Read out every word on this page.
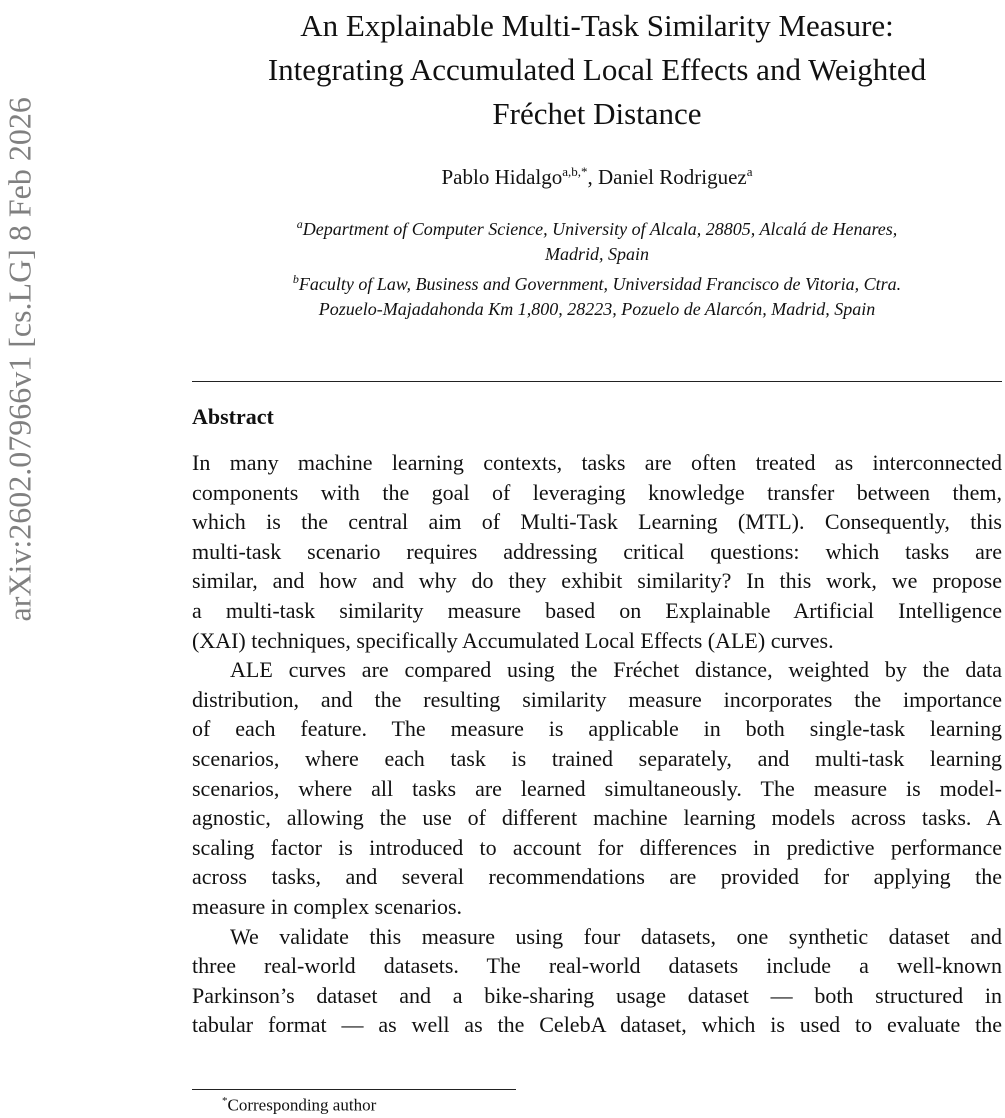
arXiv:2602.07966v1 [cs.LG] 8 Feb 2026
An Explainable Multi-Task Similarity Measure:
Integrating Accumulated Local Effects and Weighted
Fréchet Distance
Pablo Hidalgo$^{a,b,*}$, Daniel Rodriguez$^a$
$^a$Department of Computer Science, University of Alcala, 28805, Alcalá de Henares,
Madrid, Spain
$^b$Faculty of Law, Business and Government, Universidad Francisco de Vitoria, Ctra.
Pozuelo-Majadahonda Km 1,800, 28223, Pozuelo de Alarcón, Madrid, Spain
Abstract
In many machine learning contexts, tasks are often treated as interconnected
components with the goal of leveraging knowledge transfer between them,
which is the central aim of Multi-Task Learning (MTL). Consequently, this
multi-task scenario requires addressing critical questions: which tasks are
similar, and how and why do they exhibit similarity? In this work, we propose
a multi-task similarity measure based on Explainable Artificial Intelligence
(XAI) techniques, specifically Accumulated Local Effects (ALE) curves.
ALE curves are compared using the Fréchet distance, weighted by the data
distribution, and the resulting similarity measure incorporates the importance
of each feature. The measure is applicable in both single-task learning
scenarios, where each task is trained separately, and multi-task learning
scenarios, where all tasks are learned simultaneously. The measure is model-
agnostic, allowing the use of different machine learning models across tasks. A
scaling factor is introduced to account for differences in predictive performance
across tasks, and several recommendations are provided for applying the
measure in complex scenarios.
We validate this measure using four datasets, one synthetic dataset and
three real-world datasets. The real-world datasets include a well-known
Parkinson’s dataset and a bike-sharing usage dataset — both structured in
tabular format — as well as the CelebA dataset, which is used to evaluate the
*Corresponding author
